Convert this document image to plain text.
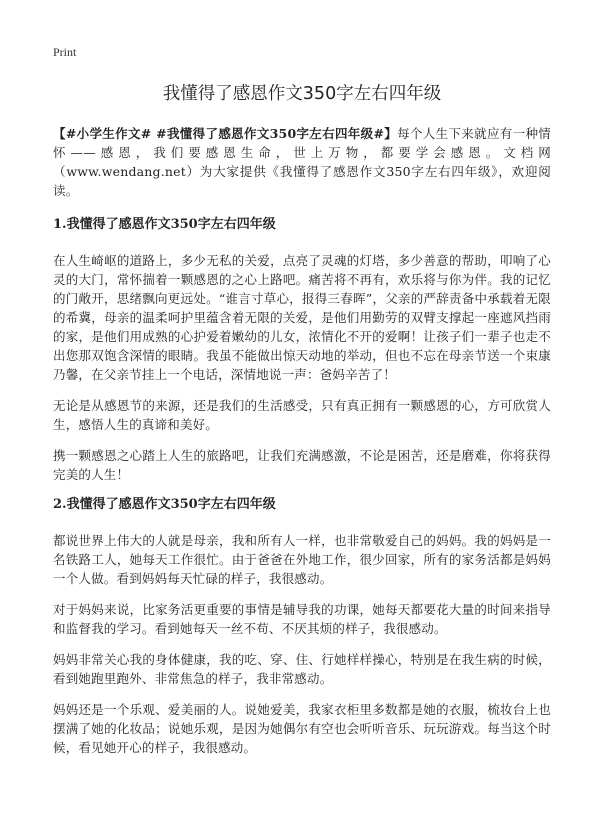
Print
我懂得了感恩作文350字左右四年级

【#小学生作文# #我懂得了感恩作文350字左右四年级#】每个人生下来就应有一种情怀——感恩，我们要感恩生命，世上万物，都要学会感恩。文档网（www.wendang.net）为大家提供《我懂得了感恩作文350字左右四年级》，欢迎阅读。

1.我懂得了感恩作文350字左右四年级

在人生崎岖的道路上，多少无私的关爱，点亮了灵魂的灯塔，多少善意的帮助，叩响了心灵的大门，常怀揣着一颗感恩的之心上路吧。痛苦将不再有，欢乐将与你为伴。我的记忆的门敞开，思绪飘向更远处。“谁言寸草心，报得三春晖”，父亲的严辞责备中承载着无限的希冀，母亲的温柔呵护里蕴含着无限的关爱，是他们用勤劳的双臂支撑起一座遮风挡雨的家，是他们用成熟的心护爱着嫩幼的儿女，浓情化不开的爱啊！让孩子们一辈子也走不出您那双饱含深情的眼睛。我虽不能做出惊天动地的举动，但也不忘在母亲节送一个束康乃馨，在父亲节挂上一个电话，深情地说一声：爸妈辛苦了！

无论是从感恩节的来源，还是我们的生活感受，只有真正拥有一颗感恩的心，方可欣赏人生，感悟人生的真谛和美好。

携一颗感恩之心踏上人生的旅路吧，让我们充满感激，不论是困苦，还是磨难，你将获得完美的人生！

2.我懂得了感恩作文350字左右四年级

都说世界上伟大的人就是母亲，我和所有人一样，也非常敬爱自己的妈妈。我的妈妈是一名铁路工人，她每天工作很忙。由于爸爸在外地工作，很少回家，所有的家务活都是妈妈一个人做。看到妈妈每天忙碌的样子，我很感动。

对于妈妈来说，比家务活更重要的事情是辅导我的功课，她每天都要花大量的时间来指导和监督我的学习。看到她每天一丝不苟、不厌其烦的样子，我很感动。

妈妈非常关心我的身体健康，我的吃、穿、住、行她样样操心，特别是在我生病的时候，看到她跑里跑外、非常焦急的样子，我非常感动。

妈妈还是一个乐观、爱美丽的人。说她爱美，我家衣柜里多数都是她的衣服，梳妆台上也摆满了她的化妆品；说她乐观，是因为她偶尔有空也会听听音乐、玩玩游戏。每当这个时候，看见她开心的样子，我很感动。
